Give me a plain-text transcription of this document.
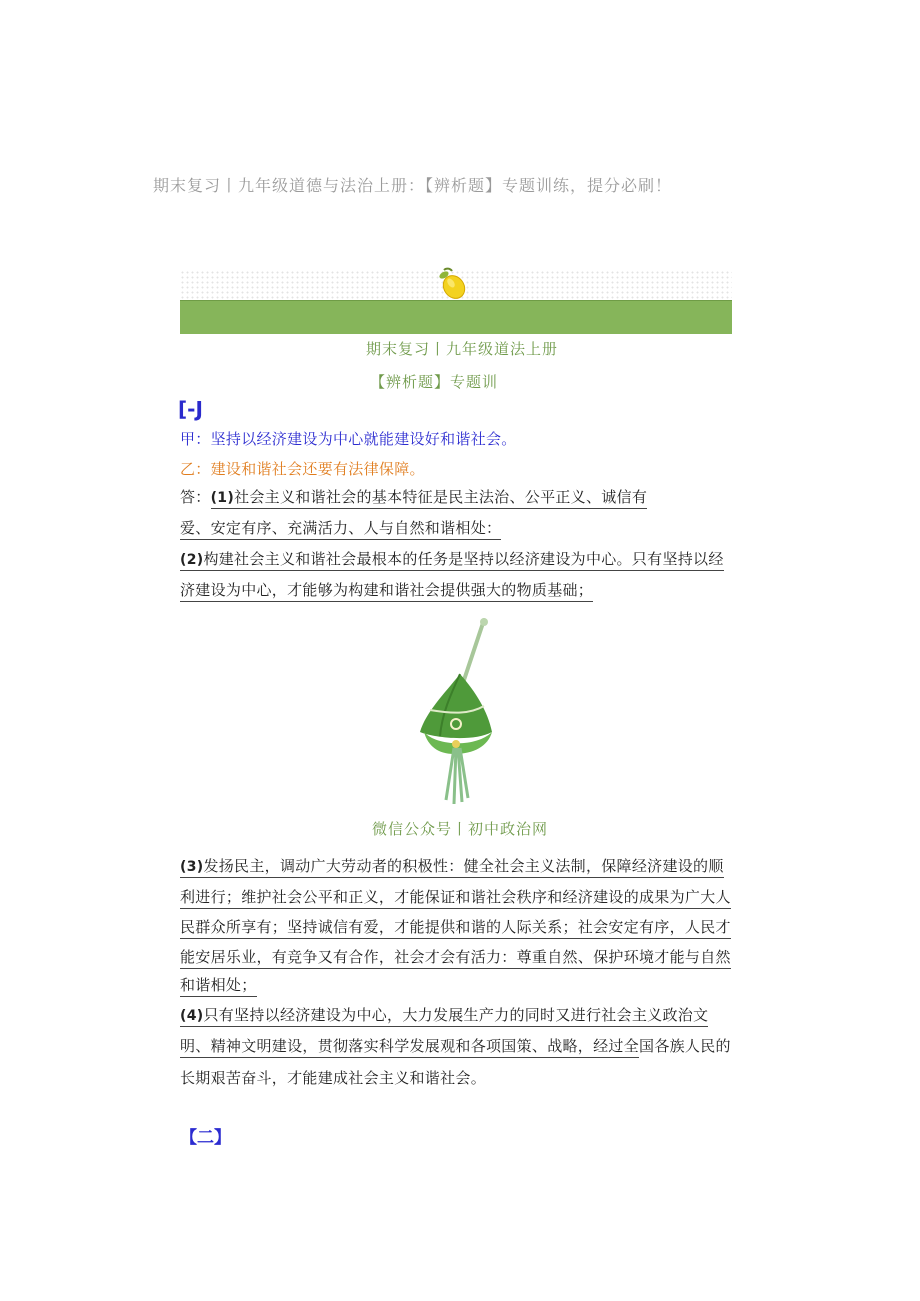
期末复习丨九年级道德与法治上册：【辨析题】专题训练，提分必刷！
期末复习丨九年级道法上册
【辨析题】专题训
[-J
甲：坚持以经济建设为中心就能建设好和谐社会。
乙：建设和谐社会还要有法律保障。
答：(1)社会主义和谐社会的基本特征是民主法治、公平正义、诚信有
爱、安定有序、充满活力、人与自然和谐相处：
(2)构建社会主义和谐社会最根本的任务是坚持以经济建设为中心。只有坚持以经
济建设为中心，才能够为构建和谐社会提供强大的物质基础；
微信公众号丨初中政治网
(3)发扬民主，调动广大劳动者的积极性：健全社会主义法制，保障经济建设的顺
利进行；维护社会公平和正义，才能保证和谐社会秩序和经济建设的成果为广大人
民群众所享有；坚持诚信有爱，才能提供和谐的人际关系；社会安定有序，人民才
能安居乐业，有竞争又有合作，社会才会有活力：尊重自然、保护环境才能与自然
和谐相处；
(4)只有坚持以经济建设为中心，大力发展生产力的同时又进行社会主义政治文
明、精神文明建设，贯彻落实科学发展观和各项国策、战略，经过全国各族人民的
长期艰苦奋斗，才能建成社会主义和谐社会。
【二】
